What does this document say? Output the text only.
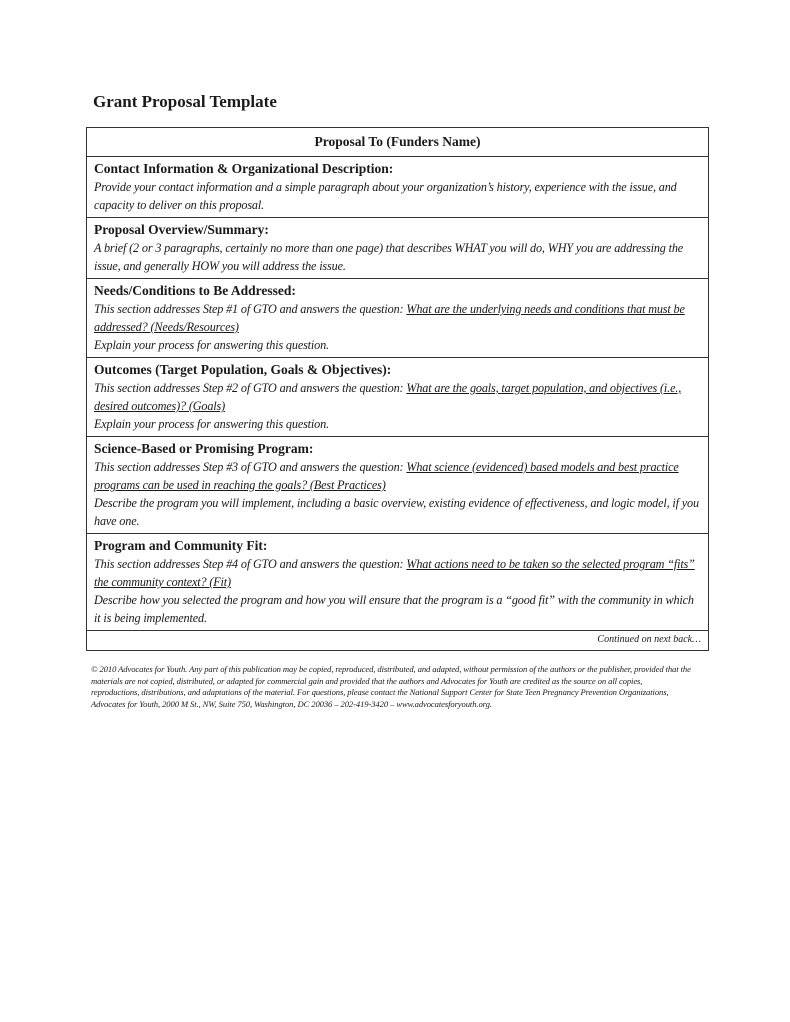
Grant Proposal Template
Proposal To (Funders Name)

Contact Information & Organizational Description:
Provide your contact information and a simple paragraph about your organization’s history, experience with the issue, and capacity to deliver on this proposal.

Proposal Overview/Summary:
A brief (2 or 3 paragraphs, certainly no more than one page) that describes WHAT you will do, WHY you are addressing the issue, and generally HOW you will address the issue.

Needs/Conditions to Be Addressed:
This section addresses Step #1 of GTO and answers the question: What are the underlying needs and conditions that must be addressed? (Needs/Resources)
Explain your process for answering this question.

Outcomes (Target Population, Goals & Objectives):
This section addresses Step #2 of GTO and answers the question: What are the goals, target population, and objectives (i.e., desired outcomes)? (Goals)
Explain your process for answering this question.

Science-Based or Promising Program:
This section addresses Step #3 of GTO and answers the question: What science (evidenced) based models and best practice programs can be used in reaching the goals? (Best Practices)
Describe the program you will implement, including a basic overview, existing evidence of effectiveness, and logic model, if you have one.

Program and Community Fit:
This section addresses Step #4 of GTO and answers the question: What actions need to be taken so the selected program “fits” the community context? (Fit)
Describe how you selected the program and how you will ensure that the program is a “good fit” with the community in which it is being implemented.

Continued on next back…

© 2010 Advocates for Youth. Any part of this publication may be copied, reproduced, distributed, and adapted, without permission of the authors or the publisher, provided that the materials are not copied, distributed, or adapted for commercial gain and provided that the authors and Advocates for Youth are credited as the source on all copies, reproductions, distributions, and adaptations of the material. For questions, please contact the National Support Center for State Teen Pregnancy Prevention Organizations, Advocates for Youth, 2000 M St., NW, Suite 750, Washington, DC 20036 – 202-419-3420 – www.advocatesforyouth.org.
